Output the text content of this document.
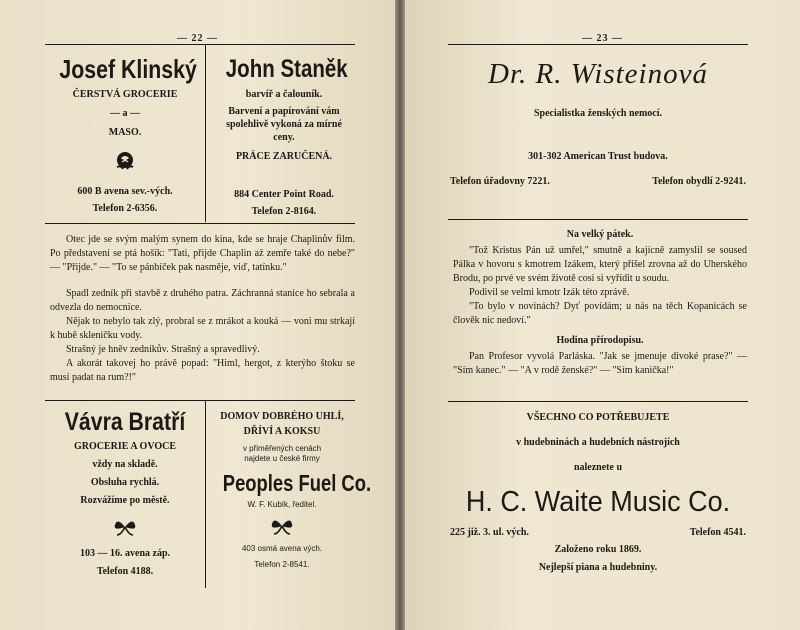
— 22 —
Josef Klinský
ČERSTVÁ GROCERIE
— a —
MASO.
600 B avena sev.-vých.
Telefon 2-6356.
John Staněk
barvíř a čalouník.
Barvení a papírování vám spolehlivě vykoná za mírné ceny.
PRÁCE ZARUČENÁ.
884 Center Point Road.
Telefon 2-8164.

Otec jde se svým malým synem do kina, kde se hraje Chaplinův film. Po představení se ptá hošík: "Tati, přijde Chaplin až zemře také do nebe?" — "Přijde." — "To se pánbíček pak nasměje, viď, tatínku."

Spadl zedník při stavbě z druhého patra. Záchranná stanice ho sebrala a odvezla do nemocnice.

Nějak to nebylo tak zlý, probral se z mrákot a kouká — voni mu strkají k hubě skleničku vody.

Strašný je hněv zedníkův. Strašný a spravedlivý.

A akorát takovej ho právě popad: "Himl, hergot, z kterýho štoku se musí padat na rum?!"

Vávra Bratří
GROCERIE A OVOCE
vždy na skladě.
Obsluha rychlá.
Rozvážíme po městě.
103 — 16. avena záp.
Telefon 4188.
DOMOV DOBRÉHO UHLÍ,
DŘÍVÍ A KOKSU
v přiměřených cenách
najdete u české firmy
Peoples Fuel Co.
W. F. Kubík, ředitel.
403 osmá avena vých.
Telefon 2-8541.
— 23 —
Dr. R. Wisteinová
Specialistka ženských nemocí.
301-302 American Trust budova.
Telefon úřadovny 7221.	Telefon obydlí 2-9241.
Na velký pátek.

"Tož Kristus Pán už umřel," smutně a kajícně zamyslil se soused Pálka v hovoru s kmotrem Izákem, který přišel zrovna až do Uherského Brodu, po prvé ve svém životě cosi si vyřídit u soudu.

Podivil se velmi kmotr Izák této zprávě.

"To bylo v novinách? Dyť povídám; u nás na těch Kopanicách se člověk nic nedoví."

Hodina přírodopisu.

Pan Profesor vyvolá Parláska. "Jak se jmenuje divoké prase?" — "Sím kanec." — "A v rodě ženské?" — "Sím kanička!"

VŠECHNO CO POTŘEBUJETE
v hudebninách a hudebních nástrojích
naleznete u
H. C. Waite Music Co.
225 již. 3. ul. vých.	Telefon 4541.
Založeno roku 1869.
Nejlepší piana a hudebniny.
